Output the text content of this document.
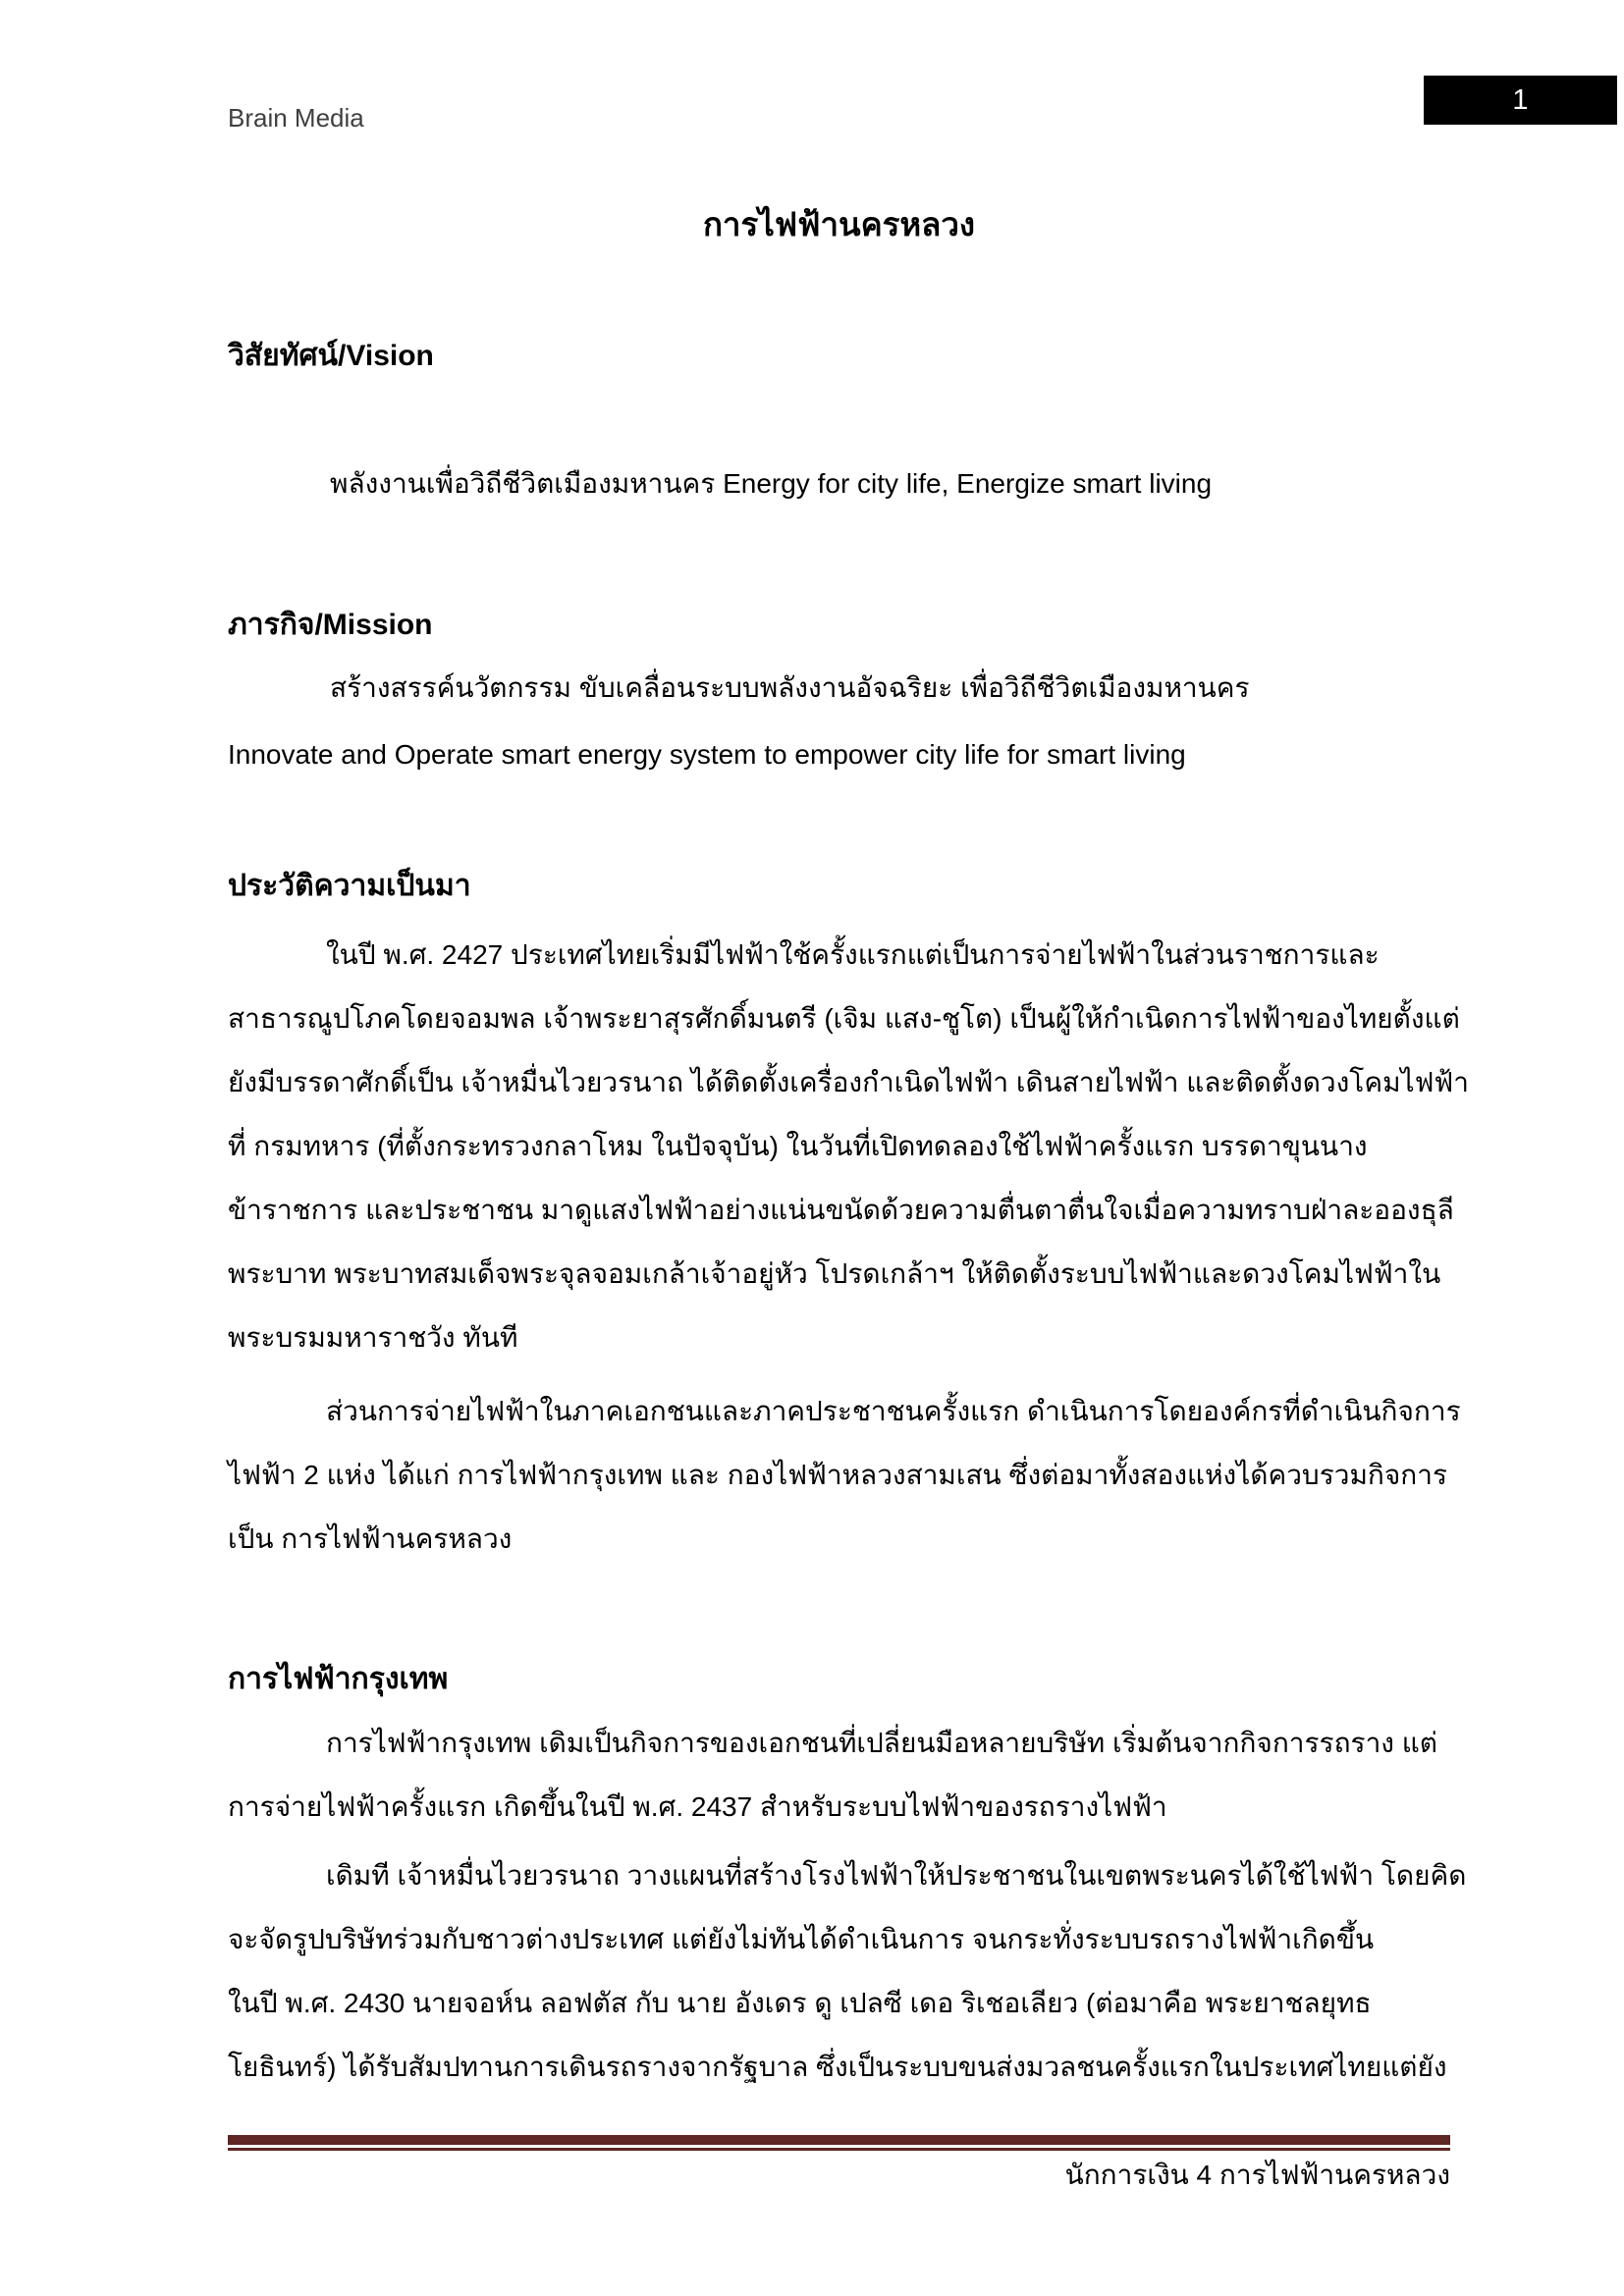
Brain Media
1
การไฟฟ้านครหลวง
วิสัยทัศน์/Vision
พลังงานเพื่อวิถีชีวิตเมืองมหานคร Energy for city life, Energize smart living
ภารกิจ/Mission
สร้างสรรค์นวัตกรรม ขับเคลื่อนระบบพลังงานอัจฉริยะ เพื่อวิถีชีวิตเมืองมหานคร
Innovate and Operate smart energy system to empower city life for smart living
ประวัติความเป็นมา
ในปี พ.ศ. 2427 ประเทศไทยเริ่มมีไฟฟ้าใช้ครั้งแรกแต่เป็นการจ่ายไฟฟ้าในส่วนราชการและ
สาธารณูปโภคโดยจอมพล เจ้าพระยาสุรศักดิ์มนตรี (เจิม แสง-ชูโต) เป็นผู้ให้กำเนิดการไฟฟ้าของไทยตั้งแต่
ยังมีบรรดาศักดิ์เป็น เจ้าหมื่นไวยวรนาถ ได้ติดตั้งเครื่องกำเนิดไฟฟ้า เดินสายไฟฟ้า และติดตั้งดวงโคมไฟฟ้า
ที่ กรมทหาร (ที่ตั้งกระทรวงกลาโหม ในปัจจุบัน) ในวันที่เปิดทดลองใช้ไฟฟ้าครั้งแรก บรรดาขุนนาง
ข้าราชการ และประชาชน มาดูแสงไฟฟ้าอย่างแน่นขนัดด้วยความตื่นตาตื่นใจเมื่อความทราบฝ่าละอองธุลี
พระบาท พระบาทสมเด็จพระจุลจอมเกล้าเจ้าอยู่หัว โปรดเกล้าฯ ให้ติดตั้งระบบไฟฟ้าและดวงโคมไฟฟ้าใน
พระบรมมหาราชวัง ทันที
ส่วนการจ่ายไฟฟ้าในภาคเอกชนและภาคประชาชนครั้งแรก ดำเนินการโดยองค์กรที่ดำเนินกิจการ
ไฟฟ้า 2 แห่ง ได้แก่ การไฟฟ้ากรุงเทพ และ กองไฟฟ้าหลวงสามเสน ซึ่งต่อมาทั้งสองแห่งได้ควบรวมกิจการ
เป็น การไฟฟ้านครหลวง
การไฟฟ้ากรุงเทพ
การไฟฟ้ากรุงเทพ เดิมเป็นกิจการของเอกชนที่เปลี่ยนมือหลายบริษัท เริ่มต้นจากกิจการรถราง แต่
การจ่ายไฟฟ้าครั้งแรก เกิดขึ้นในปี พ.ศ. 2437 สำหรับระบบไฟฟ้าของรถรางไฟฟ้า
เดิมที เจ้าหมื่นไวยวรนาถ วางแผนที่สร้างโรงไฟฟ้าให้ประชาชนในเขตพระนครได้ใช้ไฟฟ้า โดยคิด
จะจัดรูปบริษัทร่วมกับชาวต่างประเทศ แต่ยังไม่ทันได้ดำเนินการ จนกระทั่งระบบรถรางไฟฟ้าเกิดขึ้น
ในปี พ.ศ. 2430 นายจอห์น ลอฟตัส กับ นาย อังเดร ดู เปลซี เดอ ริเชอเลียว (ต่อมาคือ พระยาชลยุทธ
โยธินทร์) ได้รับสัมปทานการเดินรถรางจากรัฐบาล ซึ่งเป็นระบบขนส่งมวลชนครั้งแรกในประเทศไทยแต่ยัง
นักการเงิน 4 การไฟฟ้านครหลวง
